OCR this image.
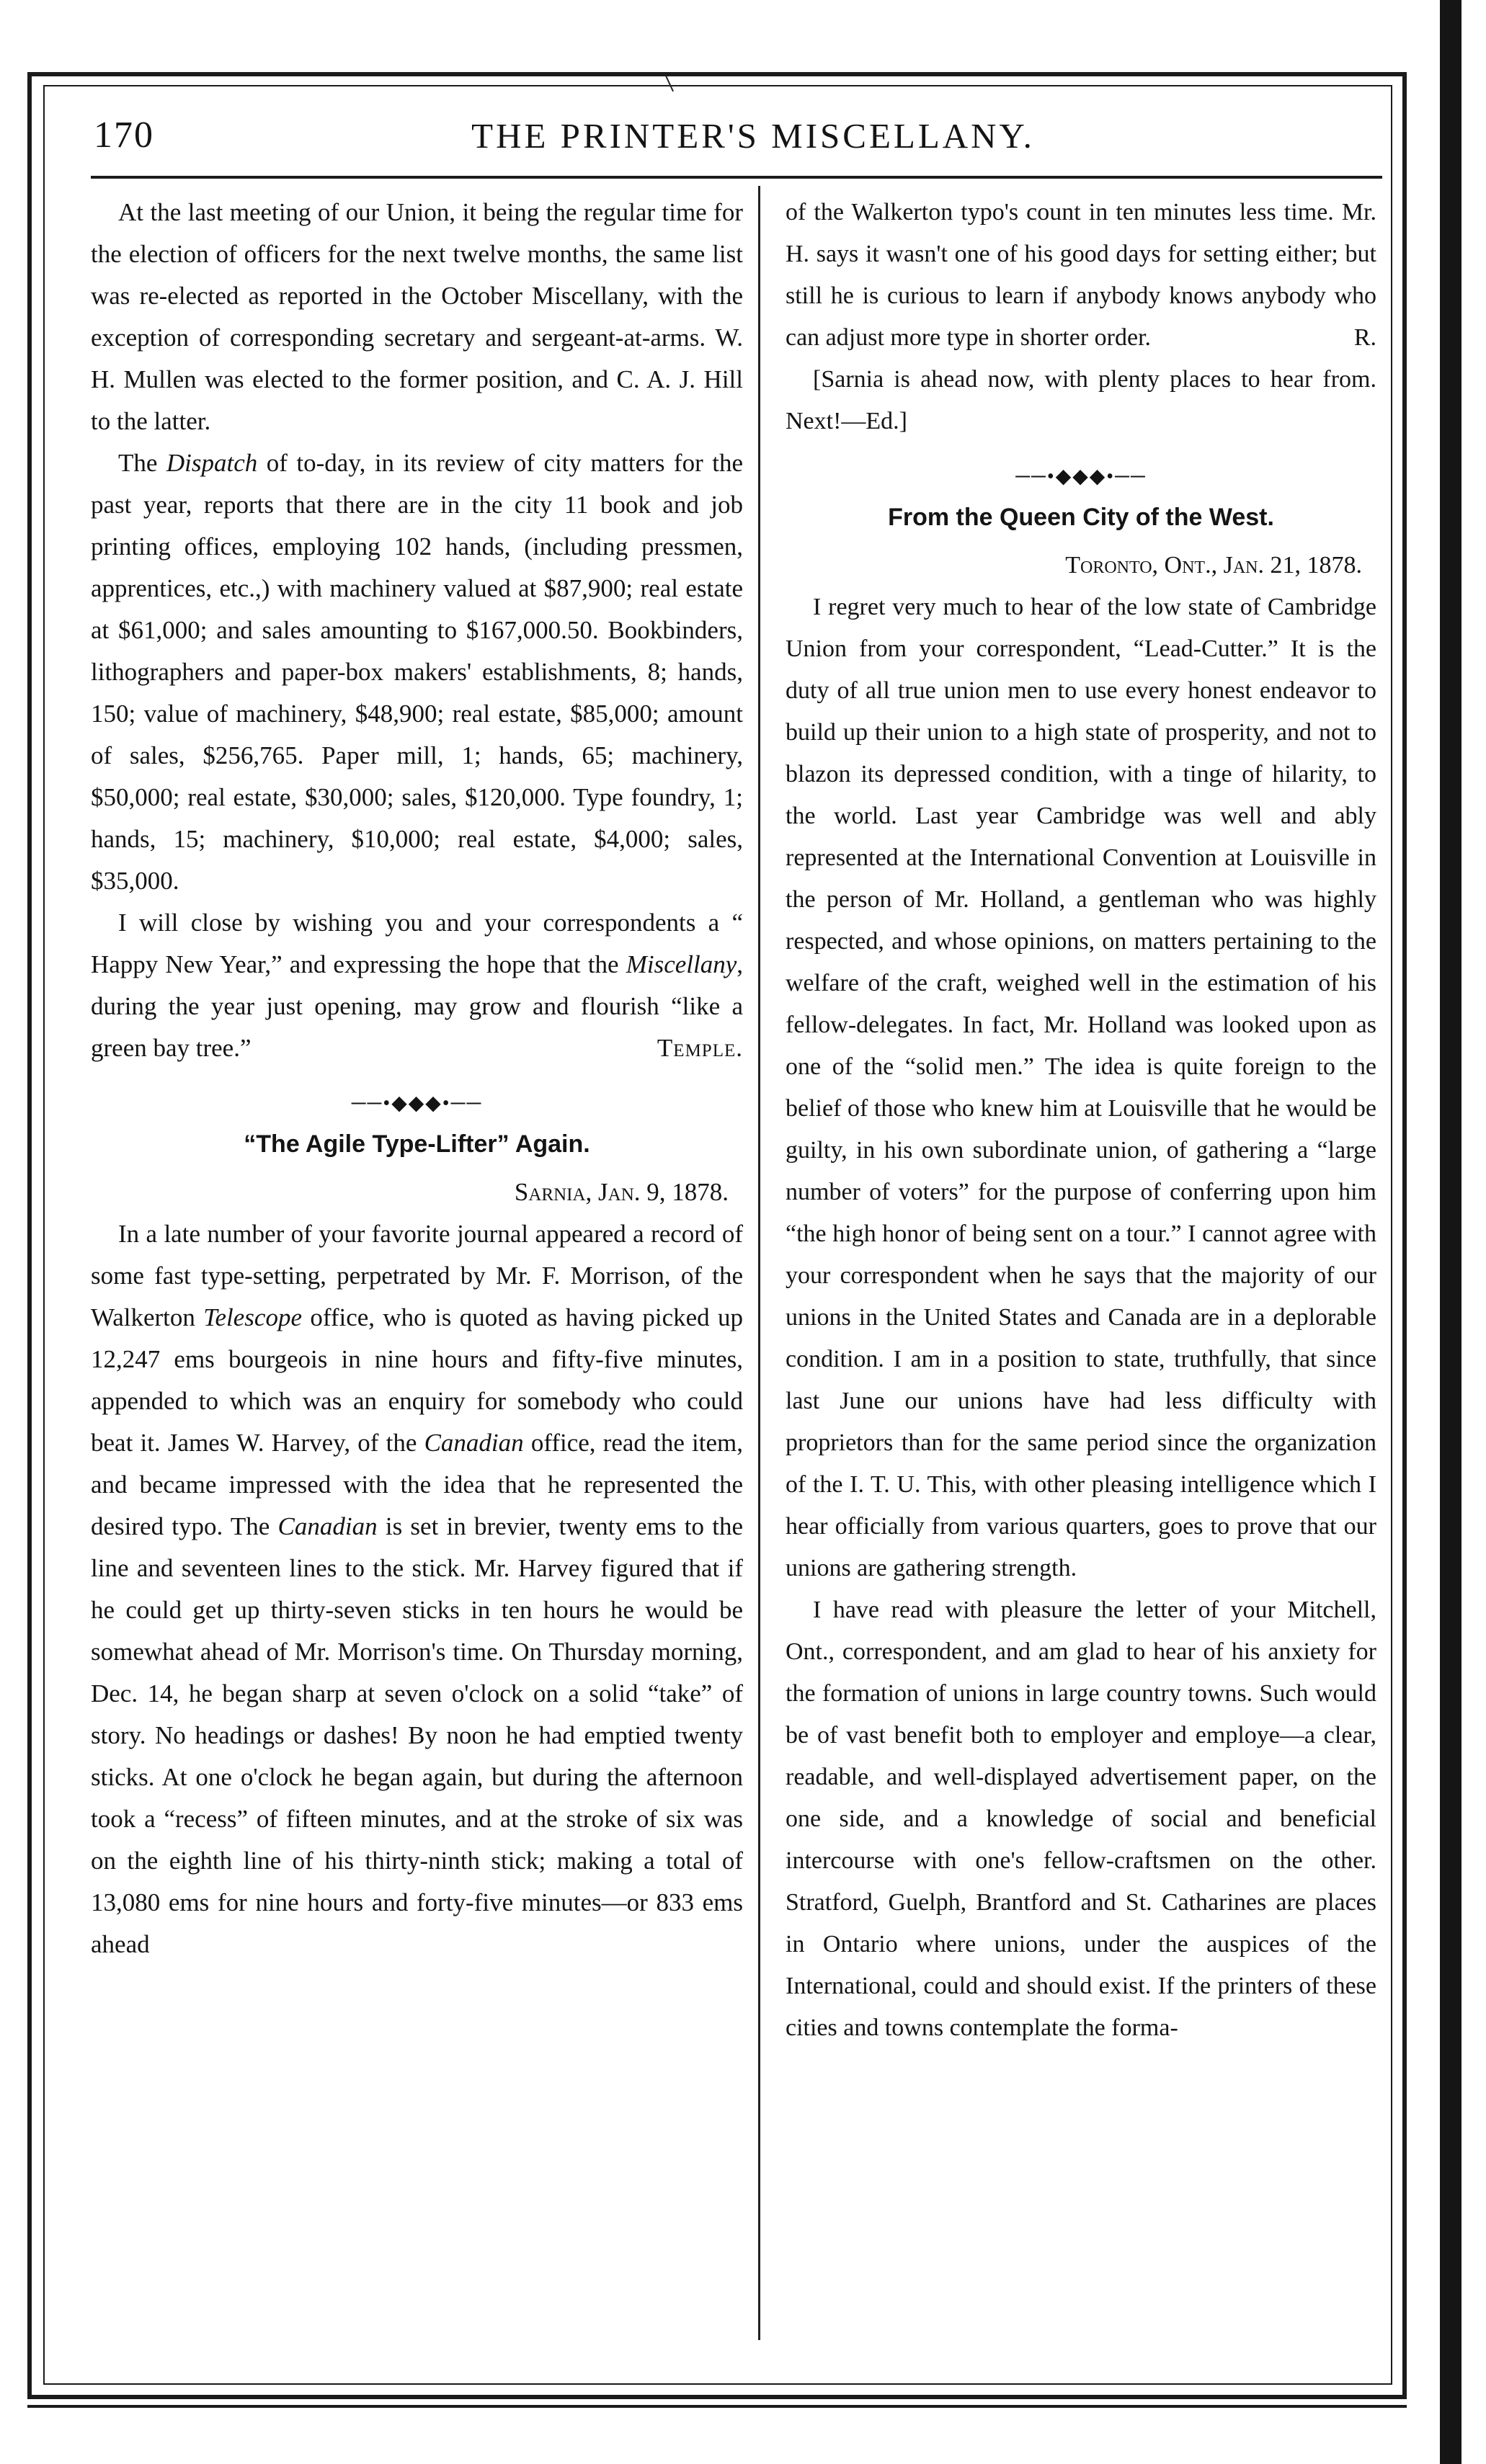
170	THE PRINTER'S MISCELLANY.

At the last meeting of our Union, it being the regular time for the election of officers for the next twelve months, the same list was re-elected as reported in the October Miscellany, with the exception of corresponding secretary and sergeant-at-arms. W. H. Mullen was elected to the former position, and C. A. J. Hill to the latter.

The Dispatch of to-day, in its review of city matters for the past year, reports that there are in the city 11 book and job printing offices, employing 102 hands, (including pressmen, apprentices, etc.,) with machinery valued at $87,900; real estate at $61,000; and sales amounting to $167,000.50. Bookbinders, lithographers and paper-box makers' establishments, 8; hands, 150; value of machinery, $48,900; real estate, $85,000; amount of sales, $256,765. Paper mill, 1; hands, 65; machinery, $50,000; real estate, $30,000; sales, $120,000. Type foundry, 1; hands, 15; machinery, $10,000; real estate, $4,000; sales, $35,000.

I will close by wishing you and your correspondents a “ Happy New Year,” and expressing the hope that the Miscellany, during the year just opening, may grow and flourish “like a green bay tree.”	Temple.

──•◆◆◆•──
“The Agile Type-Lifter” Again.
Sarnia, Jan. 9, 1878.

In a late number of your favorite journal appeared a record of some fast type-setting, perpetrated by Mr. F. Morrison, of the Walkerton Telescope office, who is quoted as having picked up 12,247 ems bourgeois in nine hours and fifty-five minutes, appended to which was an enquiry for somebody who could beat it. James W. Harvey, of the Canadian office, read the item, and became impressed with the idea that he represented the desired typo. The Canadian is set in brevier, twenty ems to the line and seventeen lines to the stick. Mr. Harvey figured that if he could get up thirty-seven sticks in ten hours he would be somewhat ahead of Mr. Morrison's time. On Thursday morning, Dec. 14, he began sharp at seven o'clock on a solid “take” of story. No headings or dashes! By noon he had emptied twenty sticks. At one o'clock he began again, but during the afternoon took a “recess” of fifteen minutes, and at the stroke of six was on the eighth line of his thirty-ninth stick; making a total of 13,080 ems for nine hours and forty-five minutes—or 833 ems ahead

of the Walkerton typo's count in ten minutes less time. Mr. H. says it wasn't one of his good days for setting either; but still he is curious to learn if anybody knows anybody who can adjust more type in shorter order.	R.

[Sarnia is ahead now, with plenty places to hear from. Next!—Ed.]

──•◆◆◆•──
From the Queen City of the West.
Toronto, Ont., Jan. 21, 1878.

I regret very much to hear of the low state of Cambridge Union from your correspondent, “Lead-Cutter.” It is the duty of all true union men to use every honest endeavor to build up their union to a high state of prosperity, and not to blazon its depressed condition, with a tinge of hilarity, to the world. Last year Cambridge was well and ably represented at the International Convention at Louisville in the person of Mr. Holland, a gentleman who was highly respected, and whose opinions, on matters pertaining to the welfare of the craft, weighed well in the estimation of his fellow-delegates. In fact, Mr. Holland was looked upon as one of the “solid men.” The idea is quite foreign to the belief of those who knew him at Louisville that he would be guilty, in his own subordinate union, of gathering a “large number of voters” for the purpose of conferring upon him “the high honor of being sent on a tour.” I cannot agree with your correspondent when he says that the majority of our unions in the United States and Canada are in a deplorable condition. I am in a position to state, truthfully, that since last June our unions have had less difficulty with proprietors than for the same period since the organization of the I. T. U. This, with other pleasing intelligence which I hear officially from various quarters, goes to prove that our unions are gathering strength.

I have read with pleasure the letter of your Mitchell, Ont., correspondent, and am glad to hear of his anxiety for the formation of unions in large country towns. Such would be of vast benefit both to employer and employe—a clear, readable, and well-displayed advertisement paper, on the one side, and a knowledge of social and beneficial intercourse with one's fellow-craftsmen on the other. Stratford, Guelph, Brantford and St. Catharines are places in Ontario where unions, under the auspices of the International, could and should exist. If the printers of these cities and towns contemplate the forma-
